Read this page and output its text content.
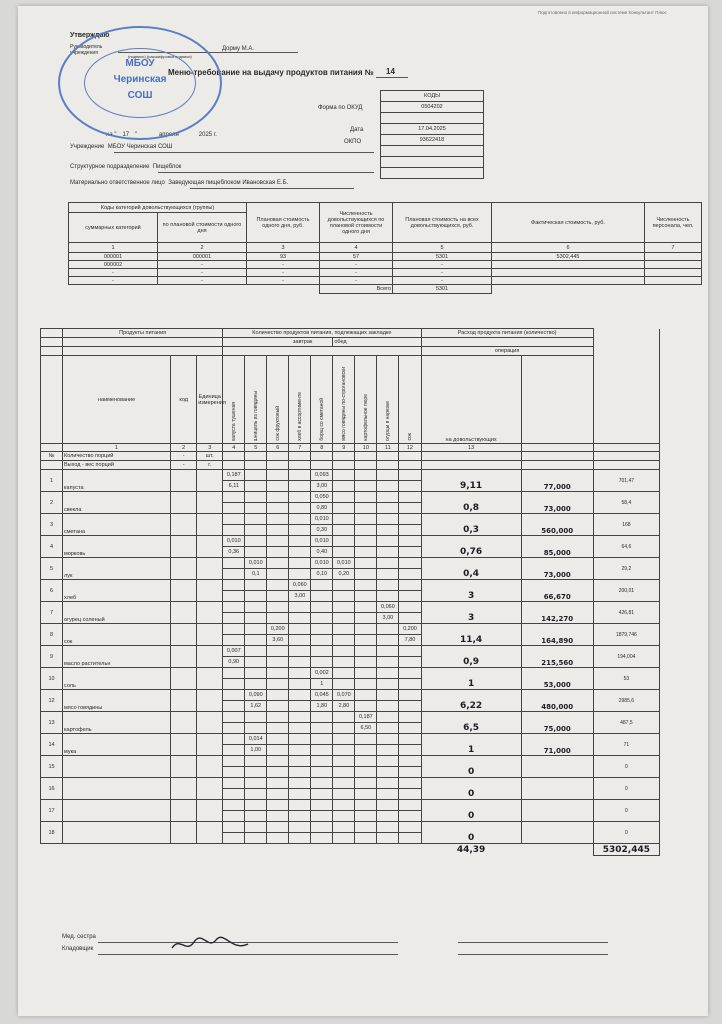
Подготовлено в информационной системе Конкультант Плюс
Утверждаю
Руководитель учреждения
Дорму М.А.
(подпись) (расшифровка подписи)
Меню-требование на выдачу продуктов питания № 14
на " 17 "	апреля	2025 г.
Учреждение МБОУ Черинская СОШ
Структурное подразделение Пищеблок
Материально ответственное лицо Заведующая пищеблоком Ивановская Е.Б.
КОДЫ
0504202

17.04.2025
93622418

Форма по ОКУД
Дата
ОКПО
МБОУ
Черинская
СОШ
Коды категорий довольствующихся (группы)		Плановая стоимость одного дня, руб.	Численность довольствующихся по плановой стоимости одного дня	Плановая стоимость на всех довольствующихся, руб.	Фактическая стоимость, руб.	Численность персонала, чел.
суммарных категорий	по плановой стоимости одного дня					
1	2	3	4	5	6	7
000001	000001	93	57	5301	5302,445	
000002	-	-	-	-		
-	-	-	-	-		
-	-	-	-	-		
			Всего	5301		
	Продукты питания			Количество продуктов питания, подлежащих закладке									Расход продукта питания (количество)		
				завтрак					обед						
													операция		
	наименование	код	Единица измерения	капуста тушеная	шницель из говядины	сок фруктовый	хлеб в ассортименте	борщ со сметаной	мясо говядины по-строгановски	картофельное пюре	огурцы в нарезке	сок	на довольствующих		
	1	2	3	4	5	6	7	8	9	10	11	12	13		
№	Количество порций	-	шт.												
	Выход - вес порций	-	г.												
1	капуста			0,187				0,093					9,11	77,000	701,47
				6,11				3,00							
2	свекла							0,050					0,8	73,000	58,4
								0,80							
3	сметана							0,010					0,3	560,000	168
								0,30							
4	морковь			0,010				0,010					0,76	85,000	64,6
				0,36				0,40							
5	лук				0,010			0,010	0,010				0,4	73,000	29,2
					0,1			0,10	0,20						
6	хлеб						0,060						3	66,670	200,01
							3,00								
7	огурец соленый										0,060		3	142,270	426,81
											3,00				
8	сок					0,200						0,200	11,4	164,890	1879,746
						3,60						7,80			
9	масло растительн			0,007									0,9	215,560	194,004
				0,90											
10	соль							0,002					1	53,000	53
								1							
12	мясо говядины				0,090			0,045	0,070				6,22	480,000	2985,6
					1,62			1,80	2,80						
13	картофель									0,187			6,5	75,000	487,5
										6,50					
14	мука				0,014								1	71,000	71
					1,00										
15													0		0

16													0		0

17													0		0

18													0		0

													44,39		5302,445
Мед. сестра
Кладовщик
